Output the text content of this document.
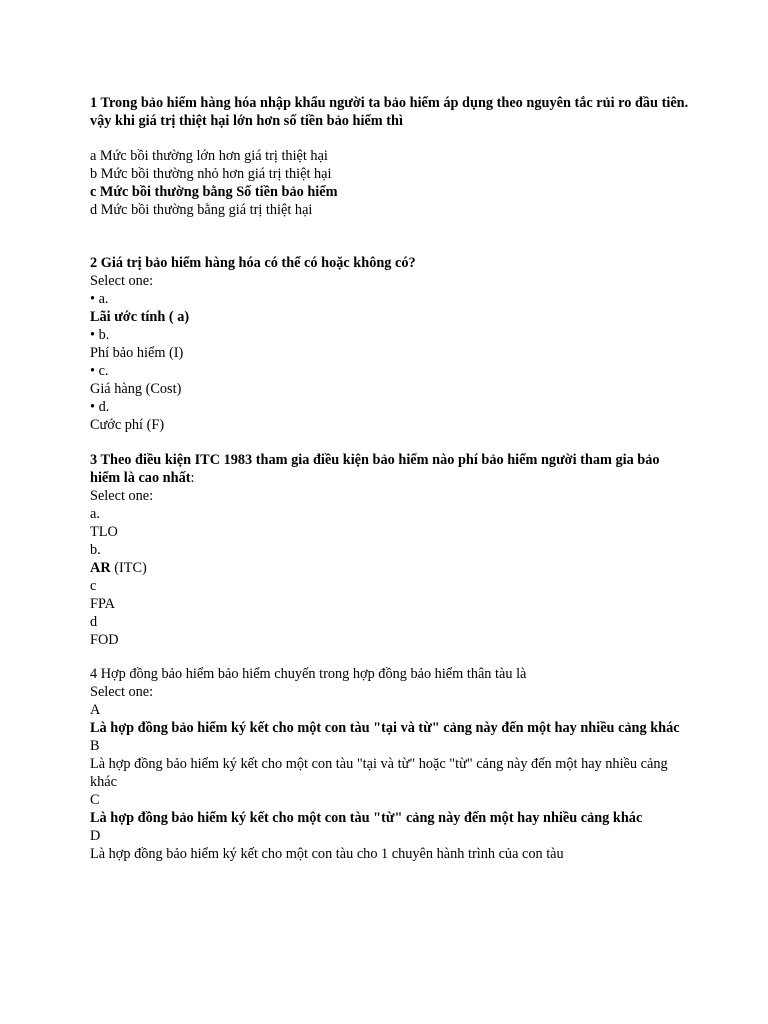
1 Trong bảo hiểm hàng hóa nhập khẩu người ta bảo hiểm áp dụng theo nguyên tắc rủi ro đầu tiên. vậy khi giá trị thiệt hại lớn hơn số tiền bảo hiểm thì
a Mức bồi thường lớn hơn giá trị thiệt hại
b Mức bồi thường nhỏ hơn giá trị thiệt hại
c Mức bồi thường bằng Số tiền bảo hiểm
d Mức bồi thường bằng giá trị thiệt hại
2 Giá trị bảo hiểm hàng hóa có thể có hoặc không có?
Select one:
• a.
Lãi ước tính ( a)
• b.
Phí bảo hiểm (I)
• c.
Giá hàng (Cost)
• d.
Cước phí (F)
3 Theo điều kiện ITC 1983 tham gia điều kiện bảo hiểm nào phí bảo hiểm người tham gia bảo hiểm là cao nhất:
Select one:
a.
TLO
b.
AR (ITC)
c
FPA
d
FOD
4 Hợp đồng bảo hiểm bảo hiểm chuyến trong hợp đồng bảo hiểm thân tàu là
Select one:
A
Là hợp đồng bảo hiểm ký kết cho một con tàu "tại và từ" cảng này đến một hay nhiều cảng khác
B
Là hợp đồng bảo hiểm ký kết cho một con tàu "tại và từ" hoặc "từ" cảng này đến một hay nhiều cảng khác
C
Là hợp đồng bảo hiểm ký kết cho một con tàu "từ" cảng này đến một hay nhiều cảng khác
D
Là hợp đồng bảo hiểm ký kết cho một con tàu cho 1 chuyên hành trình của con tàu
